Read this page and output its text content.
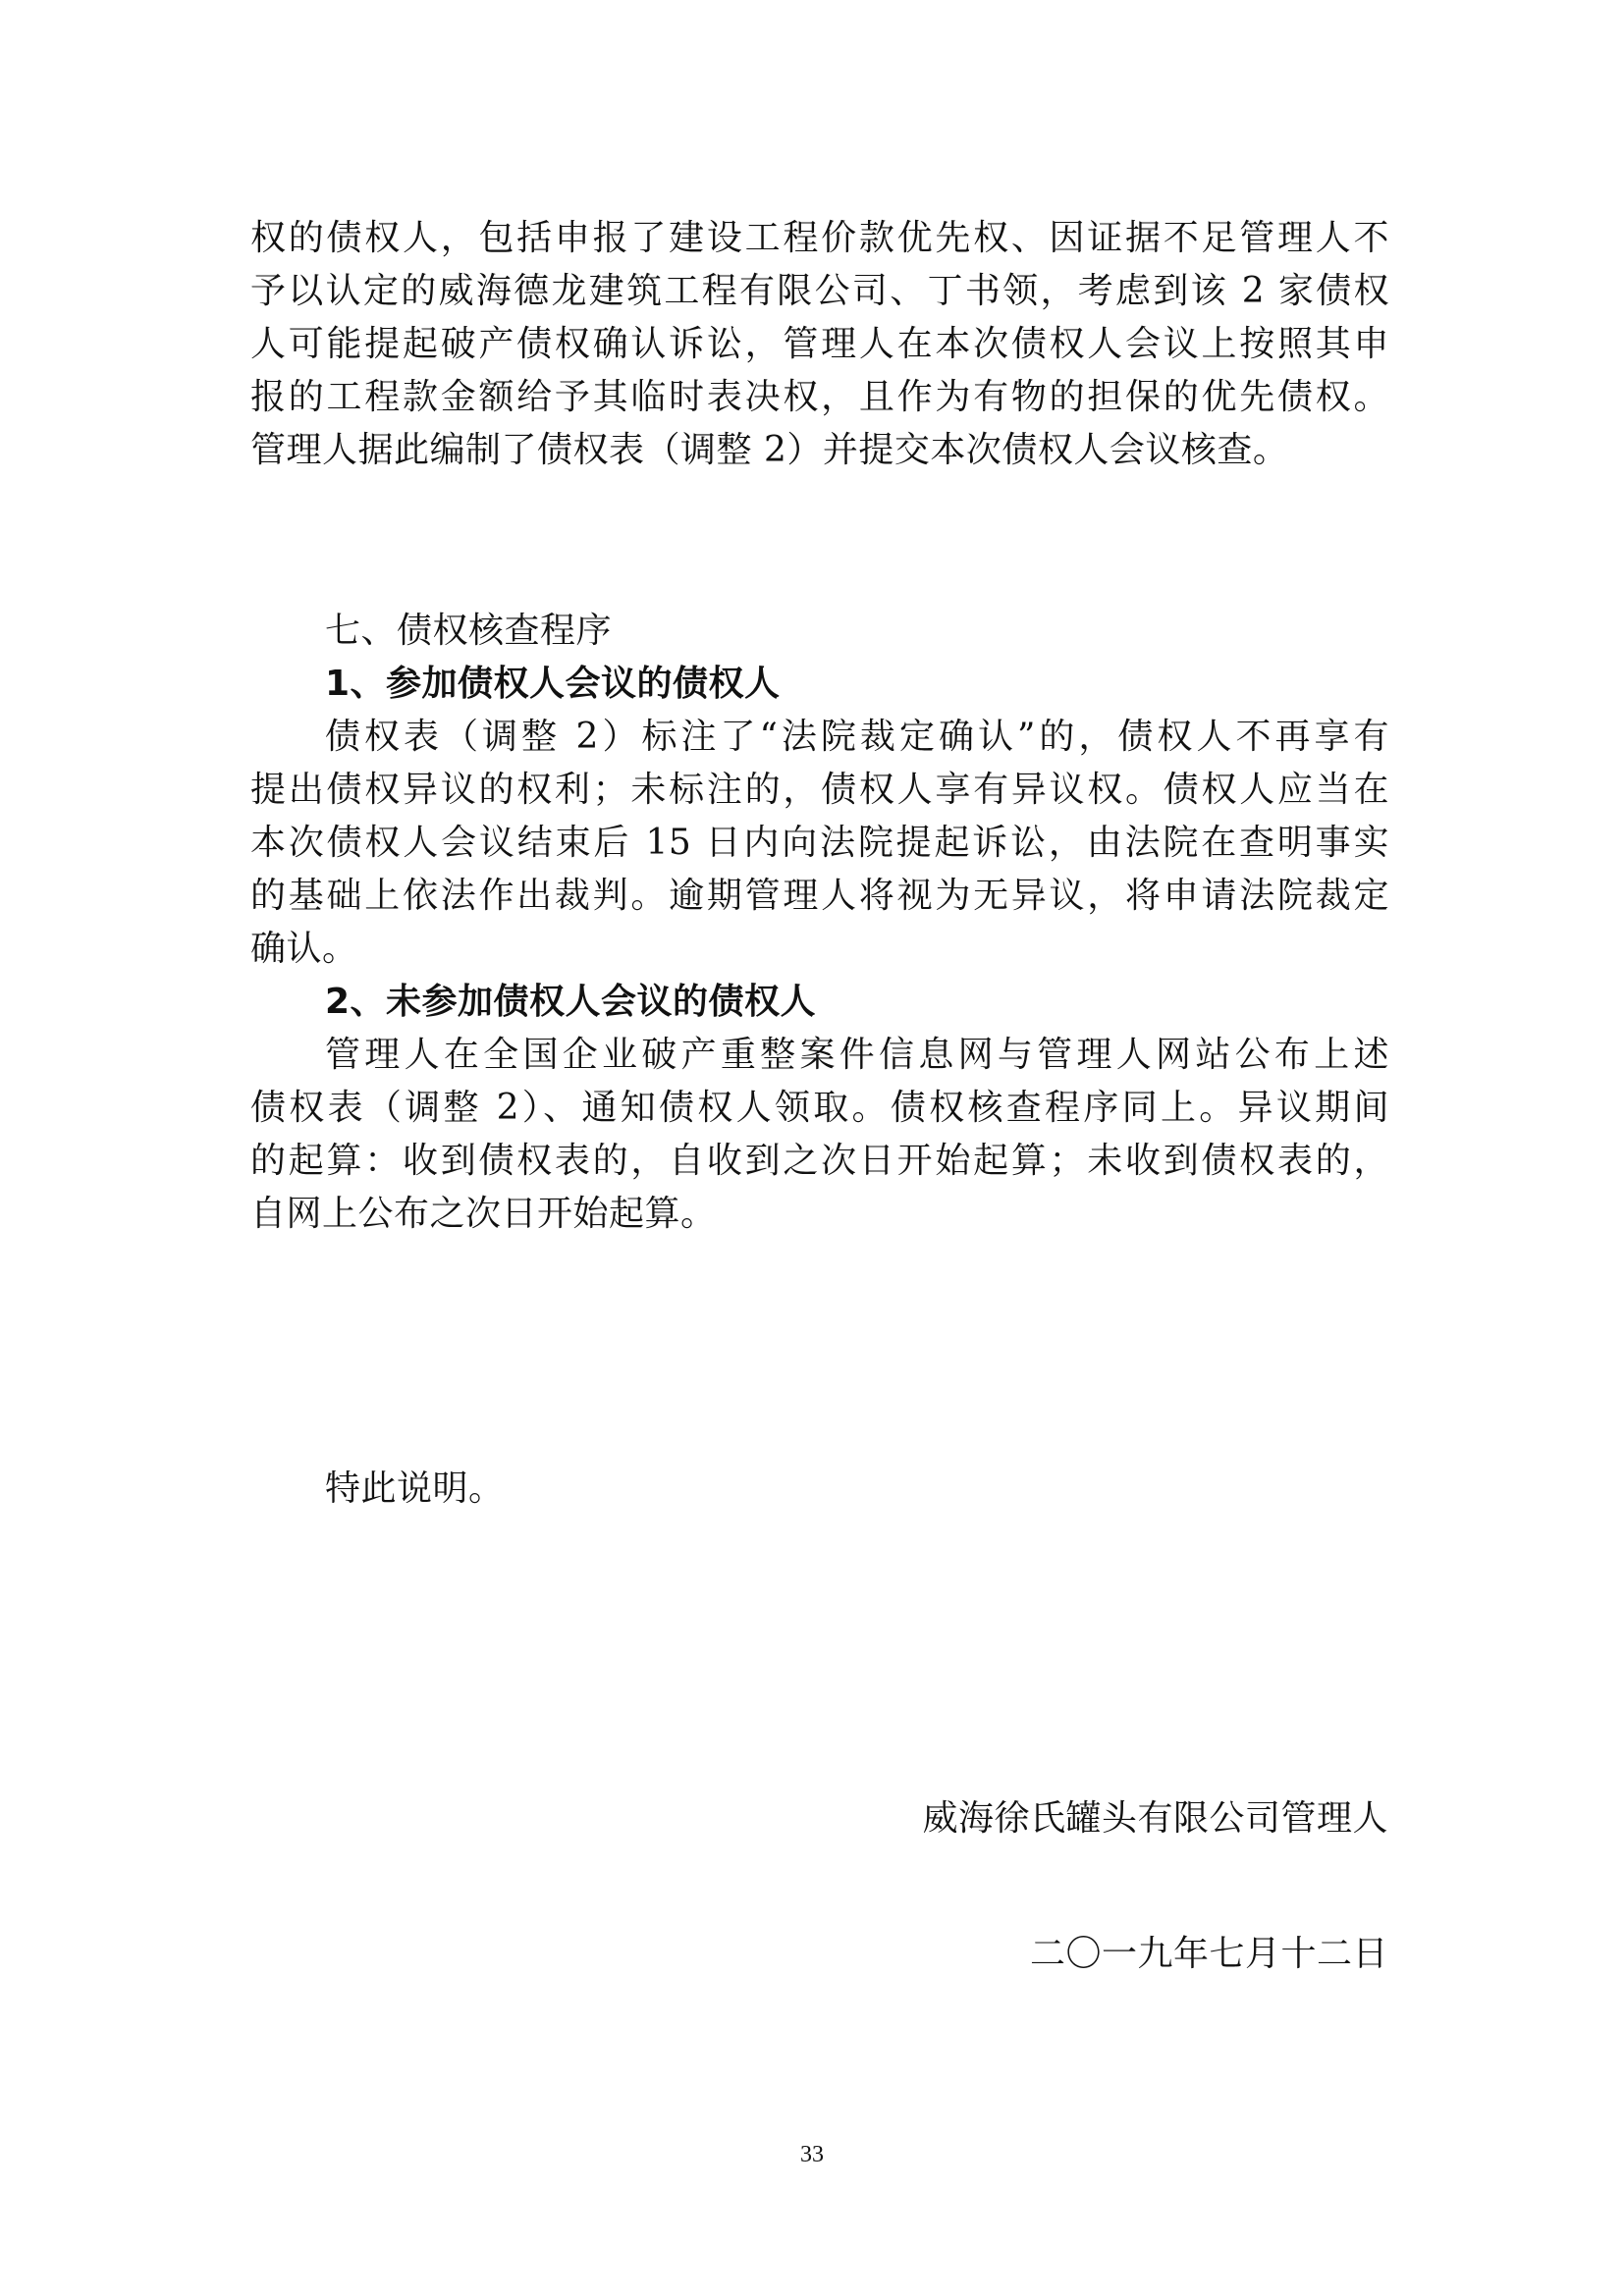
权的债权人，包括申报了建设工程价款优先权、因证据不足管理人不
予以认定的威海德龙建筑工程有限公司、丁书领，考虑到该 2 家债权
人可能提起破产债权确认诉讼，管理人在本次债权人会议上按照其申
报的工程款金额给予其临时表决权，且作为有物的担保的优先债权。
管理人据此编制了债权表（调整 2）并提交本次债权人会议核查。
七、债权核查程序
1、参加债权人会议的债权人
债权表（调整 2）标注了“法院裁定确认”的，债权人不再享有
提出债权异议的权利；未标注的，债权人享有异议权。债权人应当在
本次债权人会议结束后 15 日内向法院提起诉讼，由法院在查明事实
的基础上依法作出裁判。逾期管理人将视为无异议，将申请法院裁定
确认。
2、未参加债权人会议的债权人
管理人在全国企业破产重整案件信息网与管理人网站公布上述
债权表（调整 2）、通知债权人领取。债权核查程序同上。异议期间
的起算：收到债权表的，自收到之次日开始起算；未收到债权表的，
自网上公布之次日开始起算。
特此说明。
威海徐氏罐头有限公司管理人
二〇一九年七月十二日
33
